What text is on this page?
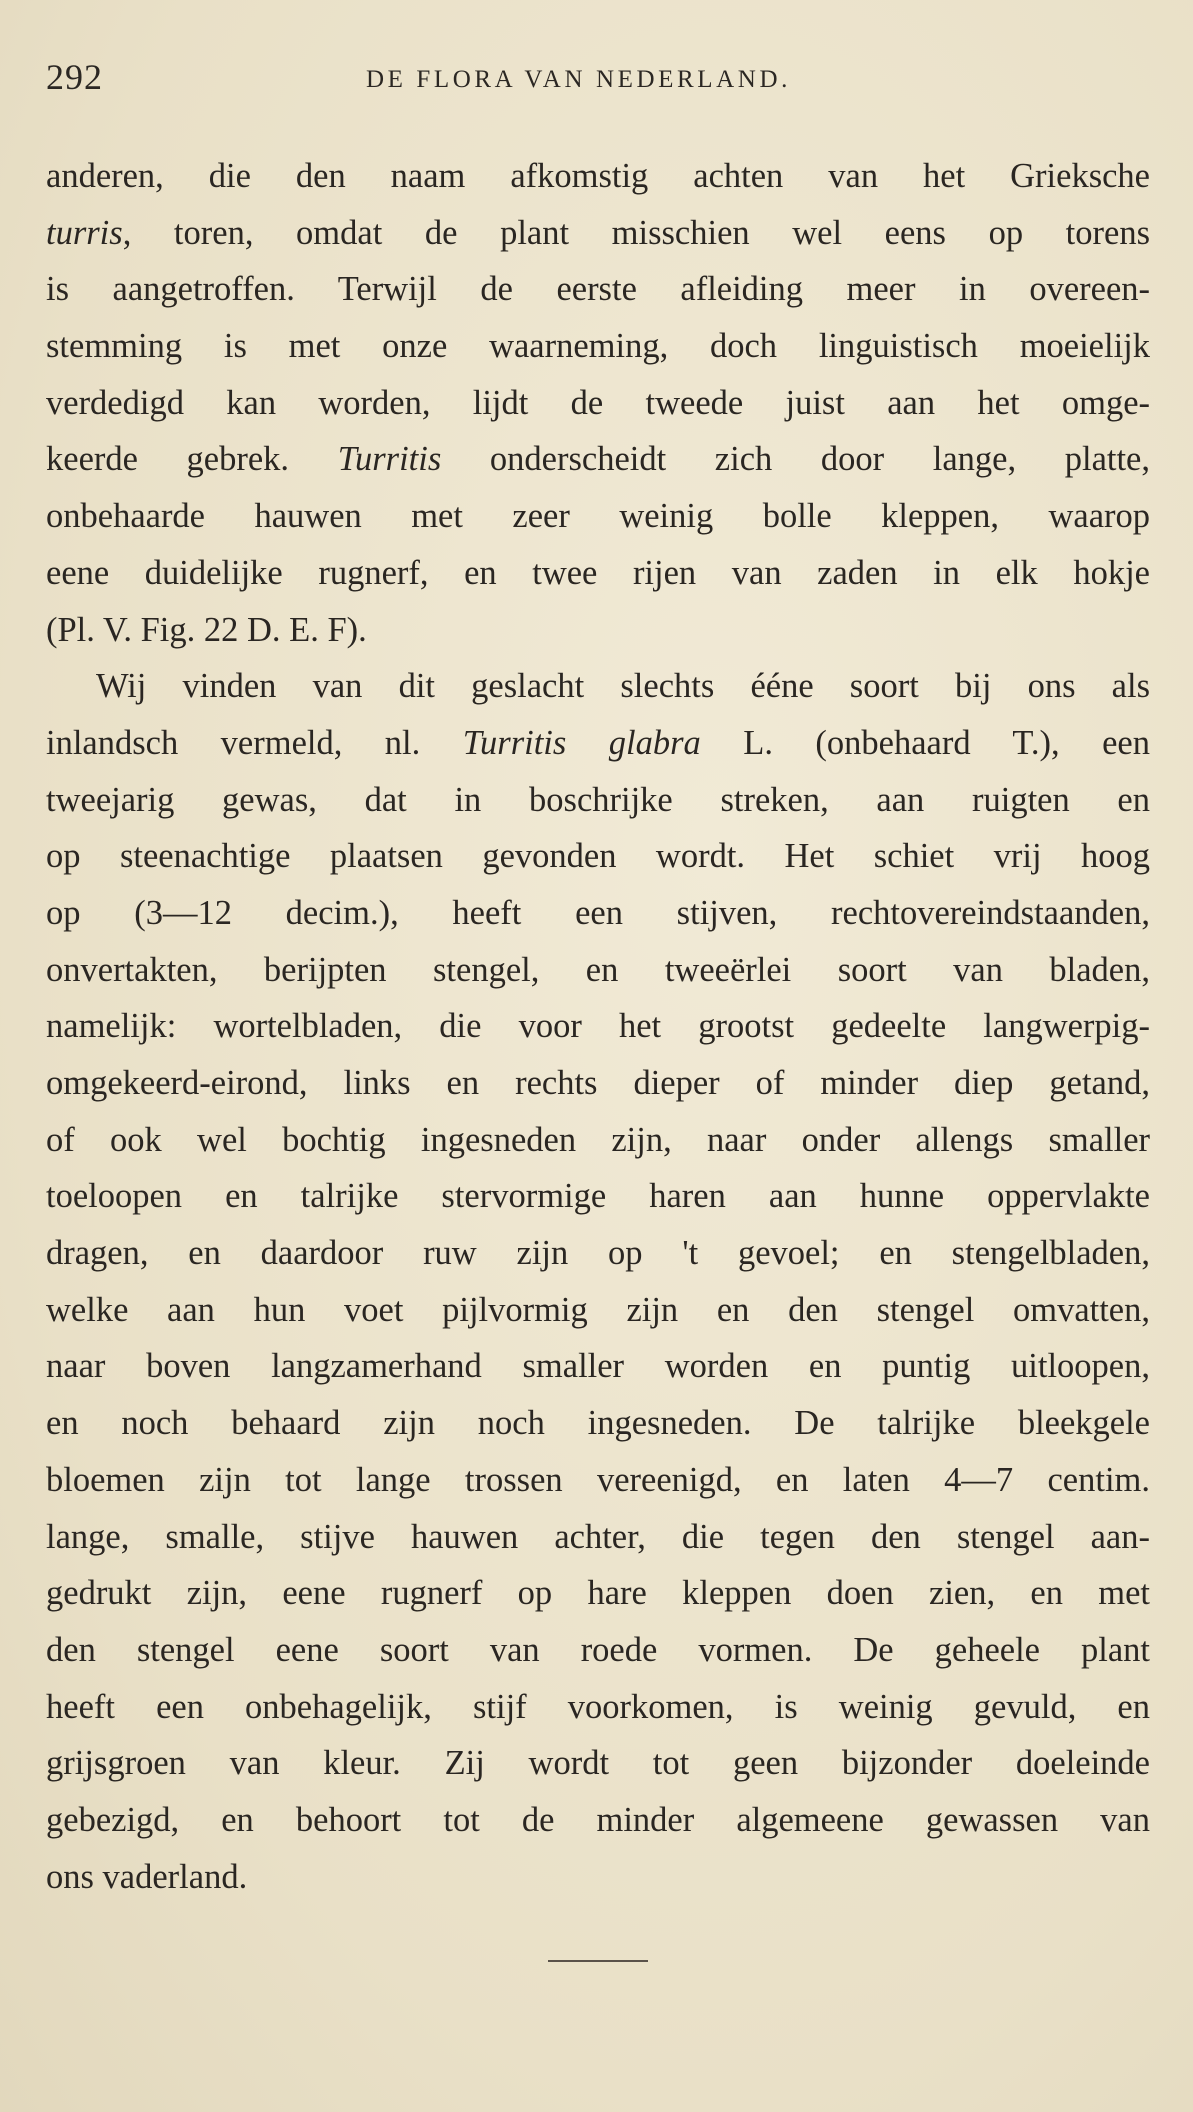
292	DE FLORA VAN NEDERLAND.
anderen, die den naam afkomstig achten van het Grieksche
turris, toren, omdat de plant misschien wel eens op torens
is aangetroffen. Terwijl de eerste afleiding meer in overeen-
stemming is met onze waarneming, doch linguistisch moeielijk
verdedigd kan worden, lijdt de tweede juist aan het omge-
keerde gebrek. Turritis onderscheidt zich door lange, platte,
onbehaarde hauwen met zeer weinig bolle kleppen, waarop
eene duidelijke rugnerf, en twee rijen van zaden in elk hokje
(Pl. V. Fig. 22 D. E. F).
Wij vinden van dit geslacht slechts ééne soort bij ons als
inlandsch vermeld, nl. Turritis glabra L. (onbehaard T.), een
tweejarig gewas, dat in boschrijke streken, aan ruigten en
op steenachtige plaatsen gevonden wordt. Het schiet vrij hoog
op (3—12 decim.), heeft een stijven, rechtovereindstaanden,
onvertakten, berijpten stengel, en tweeërlei soort van bladen,
namelijk: wortelbladen, die voor het grootst gedeelte langwerpig-
omgekeerd-eirond, links en rechts dieper of minder diep getand,
of ook wel bochtig ingesneden zijn, naar onder allengs smaller
toeloopen en talrijke stervormige haren aan hunne oppervlakte
dragen, en daardoor ruw zijn op 't gevoel; en stengelbladen,
welke aan hun voet pijlvormig zijn en den stengel omvatten,
naar boven langzamerhand smaller worden en puntig uitloopen,
en noch behaard zijn noch ingesneden. De talrijke bleekgele
bloemen zijn tot lange trossen vereenigd, en laten 4—7 centim.
lange, smalle, stijve hauwen achter, die tegen den stengel aan-
gedrukt zijn, eene rugnerf op hare kleppen doen zien, en met
den stengel eene soort van roede vormen. De geheele plant
heeft een onbehagelijk, stijf voorkomen, is weinig gevuld, en
grijsgroen van kleur. Zij wordt tot geen bijzonder doeleinde
gebezigd, en behoort tot de minder algemeene gewassen van
ons vaderland.
